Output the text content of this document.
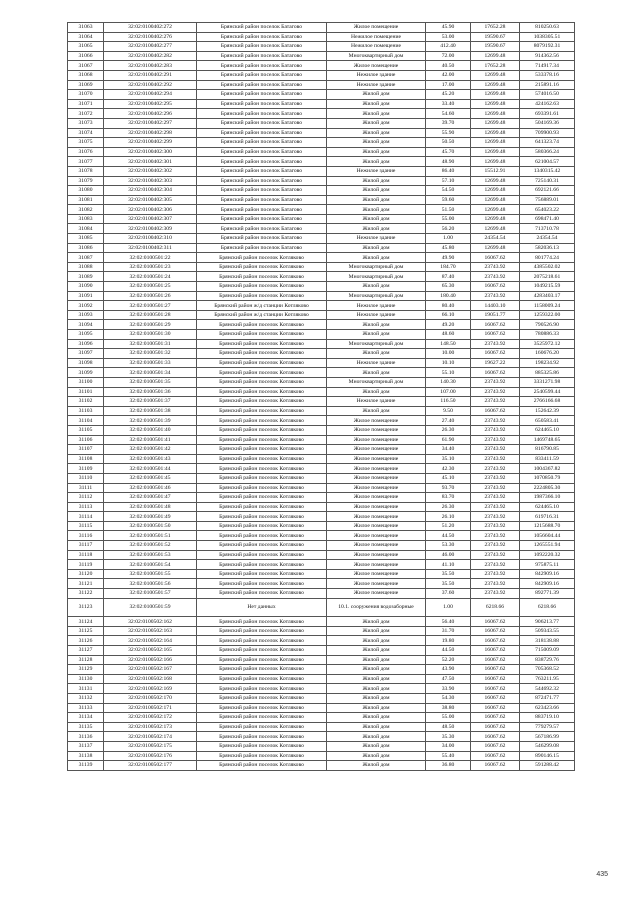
31063	32:02:0100402:272	Брянский район поселок Батагово	Жилое помещение	45.90	17652.28	810250.63
31064	32:02:0100402:276	Брянский район поселок Батагово	Нежилое помещение	53.00	19590.67	1038305.51
31065	32:02:0100402:277	Брянский район поселок Батагово	Нежилое помещение	412.40	19590.67	8079192.31
31066	32:02:0100402:282	Брянский район поселок Батагово	Многоквартирный дом	72.00	12699.48	914362.56
31067	32:02:0100402:283	Брянский район поселок Батагово	Жилое помещение	40.50	17652.28	714917.34
31068	32:02:0100402:291	Брянский район поселок Батагово	Нежилое здание	42.00	12699.48	533378.16
31069	32:02:0100402:292	Брянский район поселок Батагово	Нежилое здание	17.00	12699.48	215891.16
31070	32:02:0100402:294	Брянский район поселок Батагово	Жилой дом	45.20	12699.48	574016.50
31071	32:02:0100402:295	Брянский район поселок Батагово	Жилой дом	33.40	12699.48	424162.63
31072	32:02:0100402:296	Брянский район поселок Батагово	Жилой дом	54.60	12699.48	693391.61
31073	32:02:0100402:297	Брянский район поселок Батагово	Жилой дом	39.70	12699.48	504169.36
31074	32:02:0100402:298	Брянский район поселок Батагово	Жилой дом	55.90	12699.48	709900.93
31075	32:02:0100402:299	Брянский район поселок Батагово	Жилой дом	50.50	12699.48	641323.74
31076	32:02:0100402:300	Брянский район поселок Батагово	Жилой дом	45.70	12699.48	580366.24
31077	32:02:0100402:301	Брянский район поселок Батагово	Жилой дом	48.90	12699.48	621004.57
31078	32:02:0100402:302	Брянский район поселок Батагово	Нежилое здание	86.40	15512.91	1340315.42
31079	32:02:0100402:303	Брянский район поселок Батагово	Жилой дом	57.10	12699.48	725140.31
31080	32:02:0100402:304	Брянский район поселок Батагово	Жилой дом	54.50	12699.48	692121.66
31081	32:02:0100402:305	Брянский район поселок Батагово	Жилой дом	59.60	12699.48	756889.01
31082	32:02:0100402:306	Брянский район поселок Батагово	Жилой дом	51.50	12699.48	654023.22
31083	32:02:0100402:307	Брянский район поселок Батагово	Жилой дом	55.00	12699.48	698471.40
31084	32:02:0100402:309	Брянский район поселок Батагово	Жилой дом	56.20	12699.48	713710.78
31085	32:02:0100402:310	Брянский район поселок Батагово	Нежилое здание	1.00	24354.54	24354.54
31086	32:02:0100402:311	Брянский район поселок Батагово	Жилой дом	45.80	12699.48	582036.13
31087	32:02:0100501:22	Брянский район поселок Котляково	Жилой дом	49.90	16067.62	801774.24
31088	32:02:0100501:23	Брянский район поселок Котляково	Многоквартирный дом	184.70	23743.92	4385502.02
31089	32:02:0100501:24	Брянский район поселок Котляково	Многоквартирный дом	87.40	23743.92	2075218.61
31090	32:02:0100501:25	Брянский район поселок Котляково	Жилой дом	65.30	16067.62	1049215.59
31091	32:02:0100501:26	Брянский район поселок Котляково	Многоквартирный дом	180.40	23743.92	4283403.17
31092	32:02:0100501:27	Брянский район ж/д станции Котляково	Нежилое здание	80.40	14403.10	1158009.24
31093	32:02:0100501:28	Брянский район ж/д станции Котляково	Нежилое здание	66.10	19051.77	1259322.00
31094	32:02:0100501:29	Брянский район поселок Котляково	Жилой дом	49.20	16067.62	790526.90
31095	32:02:0100501:30	Брянский район поселок Котляково	Жилой дом	48.60	16067.62	780886.33
31096	32:02:0100501:31	Брянский район поселок Котляково	Многоквартирный дом	148.50	23743.92	3525972.12
31097	32:02:0100501:32	Брянский район поселок Котляково	Жилой дом	10.00	16067.62	160676.20
31098	32:02:0100501:33	Брянский район поселок Котляково	Нежилое здание	10.10	19627.22	198234.92
31099	32:02:0100501:34	Брянский район поселок Котляково	Жилой дом	55.10	16067.62	885325.86
31100	32:02:0100501:35	Брянский район поселок Котляково	Многоквартирный дом	140.30	23743.92	3331271.98
31101	32:02:0100501:36	Брянский район поселок Котляково	Жилой дом	107.00	23743.92	2540599.44
31102	32:02:0100501:37	Брянский район поселок Котляково	Нежилое здание	116.50	23743.92	2766166.68
31103	32:02:0100501:38	Брянский район поселок Котляково	Жилой дом	9.50	16067.62	152642.39
31104	32:02:0100501:39	Брянский район поселок Котляково	Жилое помещение	27.40	23743.92	650583.41
31105	32:02:0100501:40	Брянский район поселок Котляково	Жилое помещение	26.30	23743.92	624465.10
31106	32:02:0100501:41	Брянский район поселок Котляково	Жилое помещение	61.90	23743.92	1469748.65
31107	32:02:0100501:42	Брянский район поселок Котляково	Жилое помещение	34.40	23743.92	816790.85
31108	32:02:0100501:43	Брянский район поселок Котляково	Жилое помещение	35.10	23743.92	833411.59
31109	32:02:0100501:44	Брянский район поселок Котляково	Жилое помещение	42.30	23743.92	1004367.82
31110	32:02:0100501:45	Брянский район поселок Котляково	Жилое помещение	45.10	23743.92	1070850.79
31111	32:02:0100501:46	Брянский район поселок Котляково	Жилое помещение	93.70	23743.92	2224805.30
31112	32:02:0100501:47	Брянский район поселок Котляково	Жилое помещение	83.70	23743.92	1987366.10
31113	32:02:0100501:48	Брянский район поселок Котляково	Жилое помещение	26.30	23743.92	624465.10
31114	32:02:0100501:49	Брянский район поселок Котляково	Жилое помещение	26.10	23743.92	619716.31
31115	32:02:0100501:50	Брянский район поселок Котляково	Жилое помещение	51.20	23743.92	1215688.70
31116	32:02:0100501:51	Брянский район поселок Котляково	Жилое помещение	44.50	23743.92	1056604.44
31117	32:02:0100501:52	Брянский район поселок Котляково	Жилое помещение	53.30	23743.92	1265551.94
31118	32:02:0100501:53	Брянский район поселок Котляково	Жилое помещение	46.00	23743.92	1092220.32
31119	32:02:0100501:54	Брянский район поселок Котляково	Жилое помещение	41.10	23743.92	975875.11
31120	32:02:0100501:55	Брянский район поселок Котляково	Жилое помещение	35.50	23743.92	842909.16
31121	32:02:0100501:56	Брянский район поселок Котляково	Жилое помещение	35.50	23743.92	842909.16
31122	32:02:0100501:57	Брянский район поселок Котляково	Жилое помещение	37.60	23743.92	892771.39
31123	32:02:0100501:59	Нет данных	10.1. сооружения водозаборные	1.00	6218.66	6218.66
31124	32:02:0100502:162	Брянский район поселок Котляково	Жилой дом	56.40	16067.62	906213.77
31125	32:02:0100502:163	Брянский район поселок Котляково	Жилой дом	31.70	16067.62	509343.55
31126	32:02:0100502:164	Брянский район поселок Котляково	Жилой дом	19.80	16067.62	318138.88
31127	32:02:0100502:165	Брянский район поселок Котляково	Жилой дом	44.50	16067.62	715009.09
31128	32:02:0100502:166	Брянский район поселок Котляково	Жилой дом	52.20	16067.62	838729.76
31129	32:02:0100502:167	Брянский район поселок Котляково	Жилой дом	43.90	16067.62	705368.52
31130	32:02:0100502:168	Брянский район поселок Котляково	Жилой дом	47.50	16067.62	763211.95
31131	32:02:0100502:169	Брянский район поселок Котляково	Жилой дом	33.90	16067.62	544692.32
31132	32:02:0100502:170	Брянский район поселок Котляково	Жилой дом	54.30	16067.62	872471.77
31133	32:02:0100502:171	Брянский район поселок Котляково	Жилой дом	38.80	16067.62	623423.66
31134	32:02:0100502:172	Брянский район поселок Котляково	Жилой дом	55.00	16067.62	883719.10
31135	32:02:0100502:173	Брянский район поселок Котляково	Жилой дом	48.50	16067.62	779279.57
31136	32:02:0100502:174	Брянский район поселок Котляково	Жилой дом	35.30	16067.62	567186.99
31137	32:02:0100502:175	Брянский район поселок Котляково	Жилой дом	34.00	16067.62	546299.08
31138	32:02:0100502:176	Брянский район поселок Котляково	Жилой дом	55.40	16067.62	890146.15
31139	32:02:0100502:177	Брянский район поселок Котляково	Жилой дом	36.80	16067.62	591288.42
435
